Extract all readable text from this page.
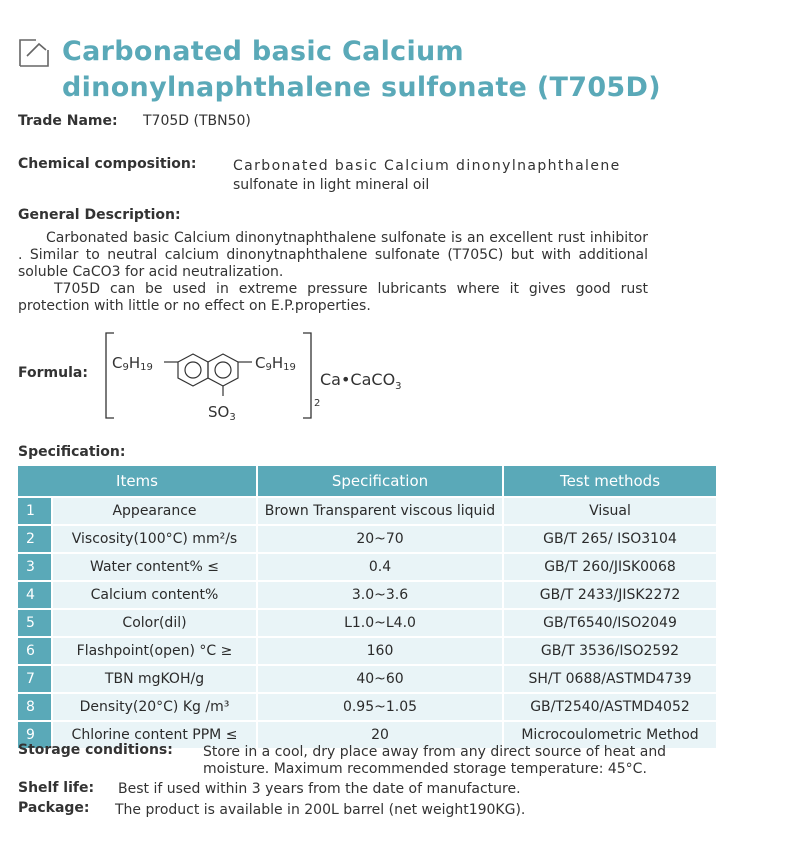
Carbonated basic Calcium dinonylnaphthalene sulfonate (T705D)
Trade Name: T705D (TBN50)
Chemical composition:	Carbonated basic Calcium dinonylnaphthalene
sulfonate in light mineral oil
General Description:

Carbonated basic Calcium dinonytnaphthalene sulfonate is an excellent rust inhibitor . Similar to neutral calcium dinonytnaphthalene sulfonate (T705C) but with additional soluble CaCO3 for acid neutralization.

T705D can be used in extreme pressure lubricants where it gives good rust protection with little or no effect on E.P.properties.

Formula:
C9H19	C9H19
$SO_3$
2
Ca•CaCO$_3$
Specification:
Items		Specification	Test methods
1	Appearance	Brown Transparent viscous liquid	Visual
2	Viscosity(100°C) mm²/s	20~70	GB/T 265/ ISO3104
3	Water content% ≤	0.4	GB/T 260/JISK0068
4	Calcium content%	3.0~3.6	GB/T 2433/JISK2272
5	Color(dil)	L1.0~L4.0	GB/T6540/ISO2049
6	Flashpoint(open) °C ≥	160	GB/T 3536/ISO2592
7	TBN mgKOH/g	40~60	SH/T 0688/ASTMD4739
8	Density(20°C) Kg /m³	0.95~1.05	GB/T2540/ASTMD4052
9	Chlorine content PPM ≤	20	Microcoulometric Method
Storage conditions: Store in a cool, dry place away from any direct source of heat and
moisture. Maximum recommended storage temperature: 45°C.
Shelf life: Best if used within 3 years from the date of manufacture.
Package: The product is available in 200L barrel (net weight190KG).
